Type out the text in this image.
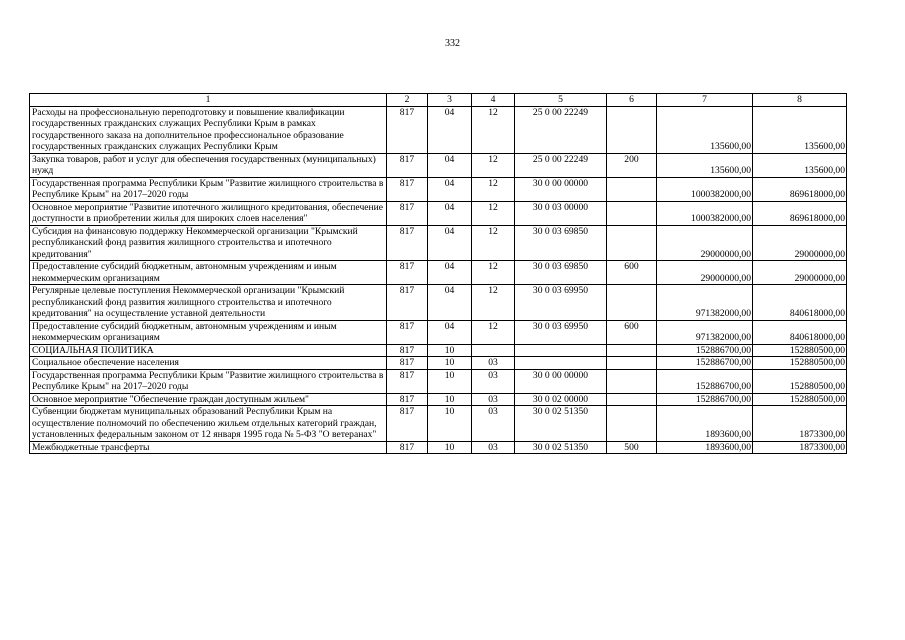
332
1	2	3	4	5	6	7	8
Расходы на профессиональную переподготовку и повышение квалификации государственных гражданских служащих Республики Крым в рамках государственного заказа на дополнительное профессиональное образование государственных гражданских служащих Республики Крым	817	04	12	25 0 00 22249		135600,00	135600,00
Закупка товаров, работ и услуг для обеспечения государственных (муниципальных) нужд	817	04	12	25 0 00 22249	200	135600,00	135600,00
Государственная программа Республики Крым "Развитие жилищного строительства в Республике Крым" на 2017–2020 годы	817	04	12	30 0 00 00000		1000382000,00	869618000,00
Основное мероприятие "Развитие ипотечного жилищного кредитования, обеспечение доступности в приобретении жилья для широких слоев населения"	817	04	12	30 0 03 00000		1000382000,00	869618000,00
Субсидия на финансовую поддержку Некоммерческой организации "Крымский республиканский фонд развития жилищного строительства и ипотечного кредитования"	817	04	12	30 0 03 69850		29000000,00	29000000,00
Предоставление субсидий бюджетным, автономным учреждениям и иным некоммерческим организациям	817	04	12	30 0 03 69850	600	29000000,00	29000000,00
Регулярные целевые поступления Некоммерческой организации "Крымский республиканский фонд развития жилищного строительства и ипотечного кредитования" на осуществление уставной деятельности	817	04	12	30 0 03 69950		971382000,00	840618000,00
Предоставление субсидий бюджетным, автономным учреждениям и иным некоммерческим организациям	817	04	12	30 0 03 69950	600	971382000,00	840618000,00
СОЦИАЛЬНАЯ ПОЛИТИКА	817	10				152886700,00	152880500,00
Социальное обеспечение населения	817	10	03			152886700,00	152880500,00
Государственная программа Республики Крым "Развитие жилищного строительства в Республике Крым" на 2017–2020 годы	817	10	03	30 0 00 00000		152886700,00	152880500,00
Основное мероприятие "Обеспечение граждан доступным жильем"	817	10	03	30 0 02 00000		152886700,00	152880500,00
Субвенции бюджетам муниципальных образований Республики Крым на осуществление полномочий по обеспечению жильем отдельных категорий граждан, установленных федеральным законом от 12 января 1995 года № 5-ФЗ "О ветеранах"	817	10	03	30 0 02 51350		1893600,00	1873300,00
Межбюджетные трансферты	817	10	03	30 0 02 51350	500	1893600,00	1873300,00
